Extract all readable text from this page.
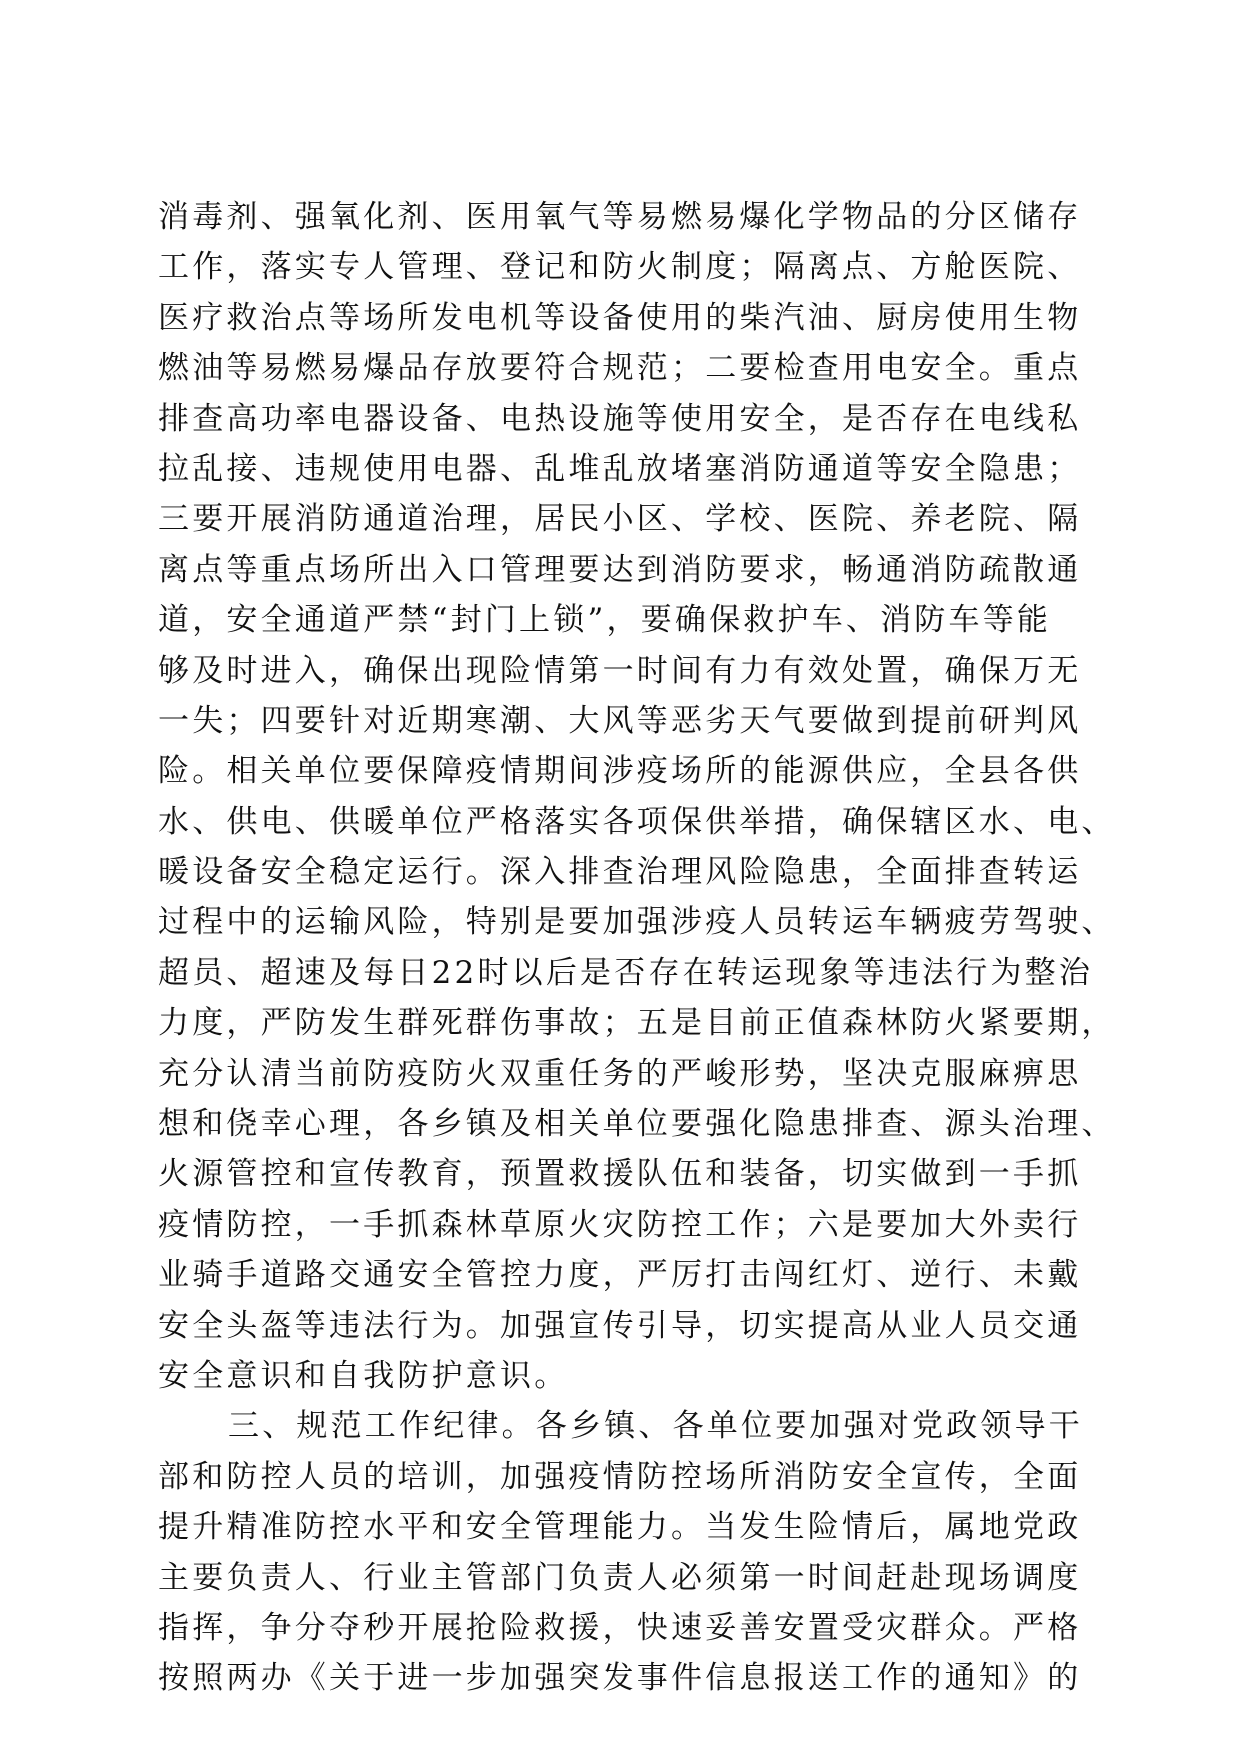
消毒剂、强氧化剂、医用氧气等易燃易爆化学物品的分区储存
工作，落实专人管理、登记和防火制度；隔离点、方舱医院、
医疗救治点等场所发电机等设备使用的柴汽油、厨房使用生物
燃油等易燃易爆品存放要符合规范；二要检查用电安全。重点
排查高功率电器设备、电热设施等使用安全，是否存在电线私
拉乱接、违规使用电器、乱堆乱放堵塞消防通道等安全隐患；
三要开展消防通道治理，居民小区、学校、医院、养老院、隔
离点等重点场所出入口管理要达到消防要求，畅通消防疏散通
道，安全通道严禁“封门上锁”，要确保救护车、消防车等能
够及时进入，确保出现险情第一时间有力有效处置，确保万无
一失；四要针对近期寒潮、大风等恶劣天气要做到提前研判风
险。相关单位要保障疫情期间涉疫场所的能源供应，全县各供
水、供电、供暖单位严格落实各项保供举措，确保辖区水、电、
暖设备安全稳定运行。深入排查治理风险隐患，全面排查转运
过程中的运输风险，特别是要加强涉疫人员转运车辆疲劳驾驶、
超员、超速及每日22时以后是否存在转运现象等违法行为整治
力度，严防发生群死群伤事故；五是目前正值森林防火紧要期，
充分认清当前防疫防火双重任务的严峻形势，坚决克服麻痹思
想和侥幸心理，各乡镇及相关单位要强化隐患排查、源头治理、
火源管控和宣传教育，预置救援队伍和装备，切实做到一手抓
疫情防控，一手抓森林草原火灾防控工作；六是要加大外卖行
业骑手道路交通安全管控力度，严厉打击闯红灯、逆行、未戴
安全头盔等违法行为。加强宣传引导，切实提高从业人员交通
安全意识和自我防护意识。
三、规范工作纪律。各乡镇、各单位要加强对党政领导干
部和防控人员的培训，加强疫情防控场所消防安全宣传，全面
提升精准防控水平和安全管理能力。当发生险情后，属地党政
主要负责人、行业主管部门负责人必须第一时间赶赴现场调度
指挥，争分夺秒开展抢险救援，快速妥善安置受灾群众。严格
按照两办《关于进一步加强突发事件信息报送工作的通知》的
